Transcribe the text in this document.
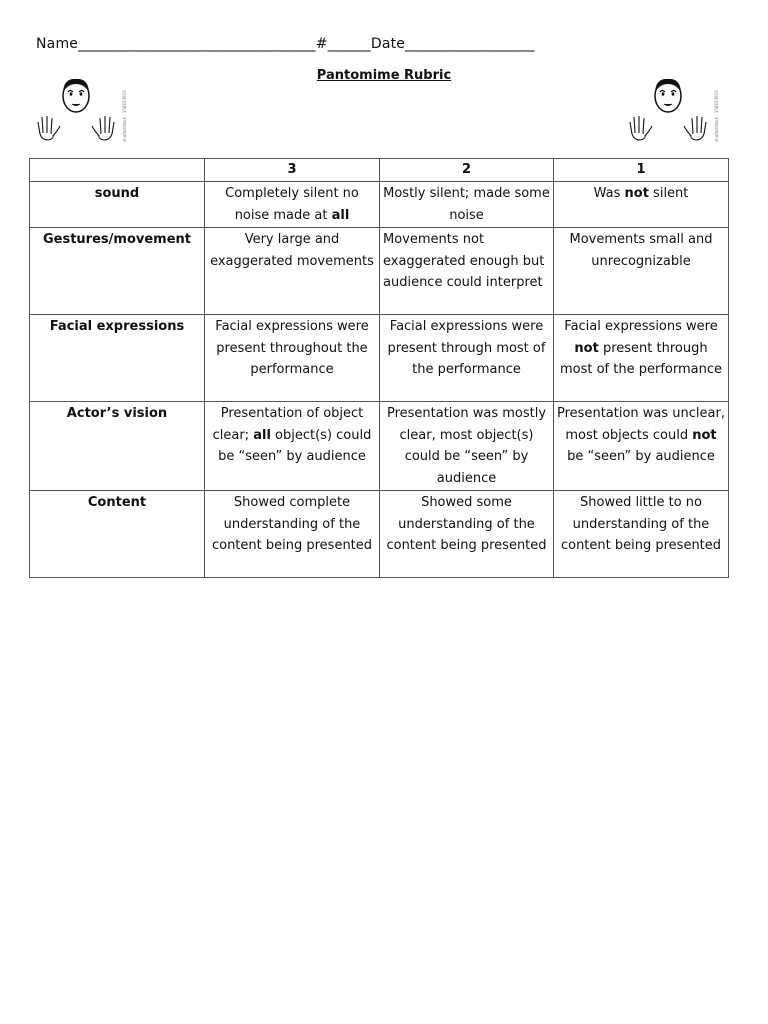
Name_________________________________#______Date__________________
Pantomime Rubric
shutterstock · 156653915	shutterstock · 156653915
	3	2	1
sound	Completely silent no noise made at all	Mostly silent; made some noise	Was not silent
Gestures/movement	Very large and exaggerated movements	Movements not exaggerated enough but audience could interpret	Movements small and unrecognizable
Facial expressions	Facial expressions were present throughout the performance	Facial expressions were present through most of the performance	Facial expressions were not present through most of the performance
Actor’s vision	Presentation of object clear; all object(s) could be “seen” by audience	Presentation was mostly clear, most object(s) could be “seen” by audience	Presentation was unclear, most objects could not be “seen” by audience
Content	Showed complete understanding of the content being presented	Showed some understanding of the content being presented	Showed little to no understanding of the content being presented
